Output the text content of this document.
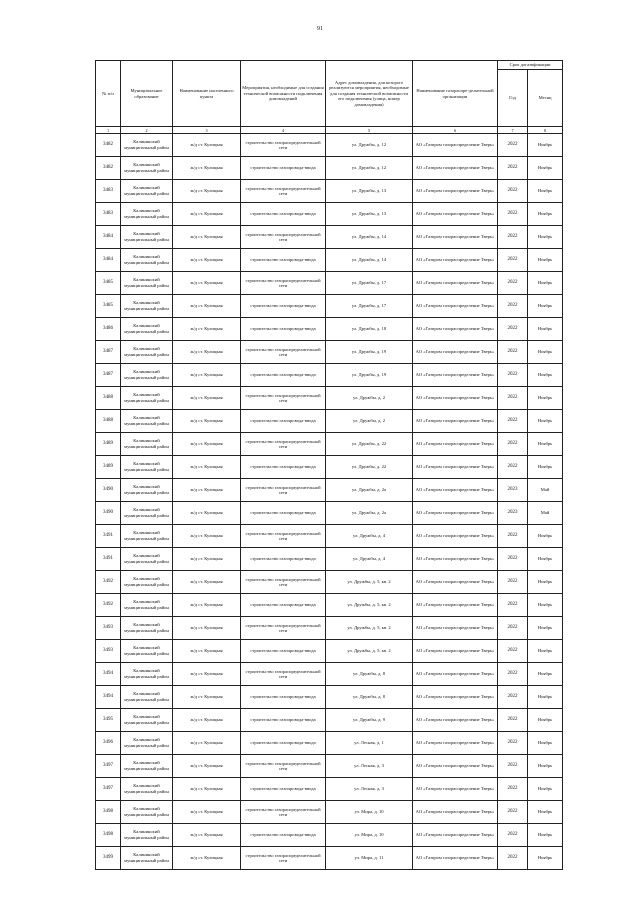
91
№ п/п	Муниципальное образование	Наименование населенного пункта	Мероприятия, необходимые для создания технической возможности подключения домовладений	Адрес домовладения, для которого реализуются мероприятия, необходимые для создания технической возможности его подключения (улица, номер домовладения)	Наименование газораспре-делительной организации	Срок догазификации	
						Год	Месяц
1	2	3	4	5	6	7	8
3482	Калининский муниципальный район	ж/д ст. Кулицкая	строительство газораспределительной сети	ул. Дружбы, д. 12	АО «Газпром газораспределение Тверь»	2022	Ноябрь
3482	Калининский муниципальный район	ж/д ст. Кулицкая	строительство газопровода-ввода	ул. Дружбы, д. 12	АО «Газпром газораспределение Тверь»	2022	Ноябрь
3483	Калининский муниципальный район	ж/д ст. Кулицкая	строительство газораспределительной сети	ул. Дружбы, д. 13	АО «Газпром газораспределение Тверь»	2022	Ноябрь
3483	Калининский муниципальный район	ж/д ст. Кулицкая	строительство газопровода-ввода	ул. Дружбы, д. 13	АО «Газпром газораспределение Тверь»	2022	Ноябрь
3484	Калининский муниципальный район	ж/д ст. Кулицкая	строительство газораспределительной сети	ул. Дружбы, д. 14	АО «Газпром газораспределение Тверь»	2022	Ноябрь
3484	Калининский муниципальный район	ж/д ст. Кулицкая	строительство газопровода-ввода	ул. Дружбы, д. 14	АО «Газпром газораспределение Тверь»	2022	Ноябрь
3485	Калининский муниципальный район	ж/д ст. Кулицкая	строительство газораспределительной сети	ул. Дружбы, д. 17	АО «Газпром газораспределение Тверь»	2022	Ноябрь
3485	Калининский муниципальный район	ж/д ст. Кулицкая	строительство газопровода-ввода	ул. Дружбы, д. 17	АО «Газпром газораспределение Тверь»	2022	Ноябрь
3486	Калининский муниципальный район	ж/д ст. Кулицкая	строительство газопровода-ввода	ул. Дружбы, д. 18	АО «Газпром газораспределение Тверь»	2022	Ноябрь
3487	Калининский муниципальный район	ж/д ст. Кулицкая	строительство газораспределительной сети	ул. Дружбы, д. 19	АО «Газпром газораспределение Тверь»	2022	Ноябрь
3487	Калининский муниципальный район	ж/д ст. Кулицкая	строительство газопровода-ввода	ул. Дружбы, д. 19	АО «Газпром газораспределение Тверь»	2022	Ноябрь
3488	Калининский муниципальный район	ж/д ст. Кулицкая	строительство газораспределительной сети	ул. Дружбы, д. 2	АО «Газпром газораспределение Тверь»	2022	Ноябрь
3488	Калининский муниципальный район	ж/д ст. Кулицкая	строительство газопровода-ввода	ул. Дружбы, д. 2	АО «Газпром газораспределение Тверь»	2022	Ноябрь
3489	Калининский муниципальный район	ж/д ст. Кулицкая	строительство газораспределительной сети	ул. Дружбы, д. 22	АО «Газпром газораспределение Тверь»	2022	Ноябрь
3489	Калининский муниципальный район	ж/д ст. Кулицкая	строительство газопровода-ввода	ул. Дружбы, д. 22	АО «Газпром газораспределение Тверь»	2022	Ноябрь
3490	Калининский муниципальный район	ж/д ст. Кулицкая	строительство газораспределительной сети	ул. Дружбы, д. 2а	АО «Газпром газораспределение Тверь»	2023	Май
3490	Калининский муниципальный район	ж/д ст. Кулицкая	строительство газопровода-ввода	ул. Дружбы, д. 2а	АО «Газпром газораспределение Тверь»	2023	Май
3491	Калининский муниципальный район	ж/д ст. Кулицкая	строительство газораспределительной сети	ул. Дружбы, д. 4	АО «Газпром газораспределение Тверь»	2022	Ноябрь
3491	Калининский муниципальный район	ж/д ст. Кулицкая	строительство газопровода-ввода	ул. Дружбы, д. 4	АО «Газпром газораспределение Тверь»	2022	Ноябрь
3492	Калининский муниципальный район	ж/д ст. Кулицкая	строительство газораспределительной сети	ул. Дружбы, д. 5, кв. 2	АО «Газпром газораспределение Тверь»	2022	Ноябрь
3492	Калининский муниципальный район	ж/д ст. Кулицкая	строительство газопровода-ввода	ул. Дружбы, д. 5, кв. 2	АО «Газпром газораспределение Тверь»	2022	Ноябрь
3493	Калининский муниципальный район	ж/д ст. Кулицкая	строительство газораспределительной сети	ул. Дружбы, д. 5, кв. 2	АО «Газпром газораспределение Тверь»	2022	Ноябрь
3493	Калининский муниципальный район	ж/д ст. Кулицкая	строительство газопровода-ввода	ул. Дружбы, д. 5, кв. 2	АО «Газпром газораспределение Тверь»	2022	Ноябрь
3494	Калининский муниципальный район	ж/д ст. Кулицкая	строительство газораспределительной сети	ул. Дружбы, д. 8	АО «Газпром газораспределение Тверь»	2022	Ноябрь
3494	Калининский муниципальный район	ж/д ст. Кулицкая	строительство газопровода-ввода	ул. Дружбы, д. 8	АО «Газпром газораспределение Тверь»	2022	Ноябрь
3495	Калининский муниципальный район	ж/д ст. Кулицкая	строительство газопровода-ввода	ул. Дружбы, д. 9	АО «Газпром газораспределение Тверь»	2022	Ноябрь
3496	Калининский муниципальный район	ж/д ст. Кулицкая	строительство газопровода-ввода	ул. Лесная, д. 1	АО «Газпром газораспределение Тверь»	2022	Ноябрь
3497	Калининский муниципальный район	ж/д ст. Кулицкая	строительство газораспределительной сети	ул. Лесная, д. 3	АО «Газпром газораспределение Тверь»	2022	Ноябрь
3497	Калининский муниципальный район	ж/д ст. Кулицкая	строительство газопровода-ввода	ул. Лесная, д. 3	АО «Газпром газораспределение Тверь»	2022	Ноябрь
3498	Калининский муниципальный район	ж/д ст. Кулицкая	строительство газораспределительной сети	ул. Мира, д. 10	АО «Газпром газораспределение Тверь»	2022	Ноябрь
3498	Калининский муниципальный район	ж/д ст. Кулицкая	строительство газопровода-ввода	ул. Мира, д. 10	АО «Газпром газораспределение Тверь»	2022	Ноябрь
3499	Калининский муниципальный район	ж/д ст. Кулицкая	строительство газораспределительной сети	ул. Мира, д. 11	АО «Газпром газораспределение Тверь»	2022	Ноябрь
